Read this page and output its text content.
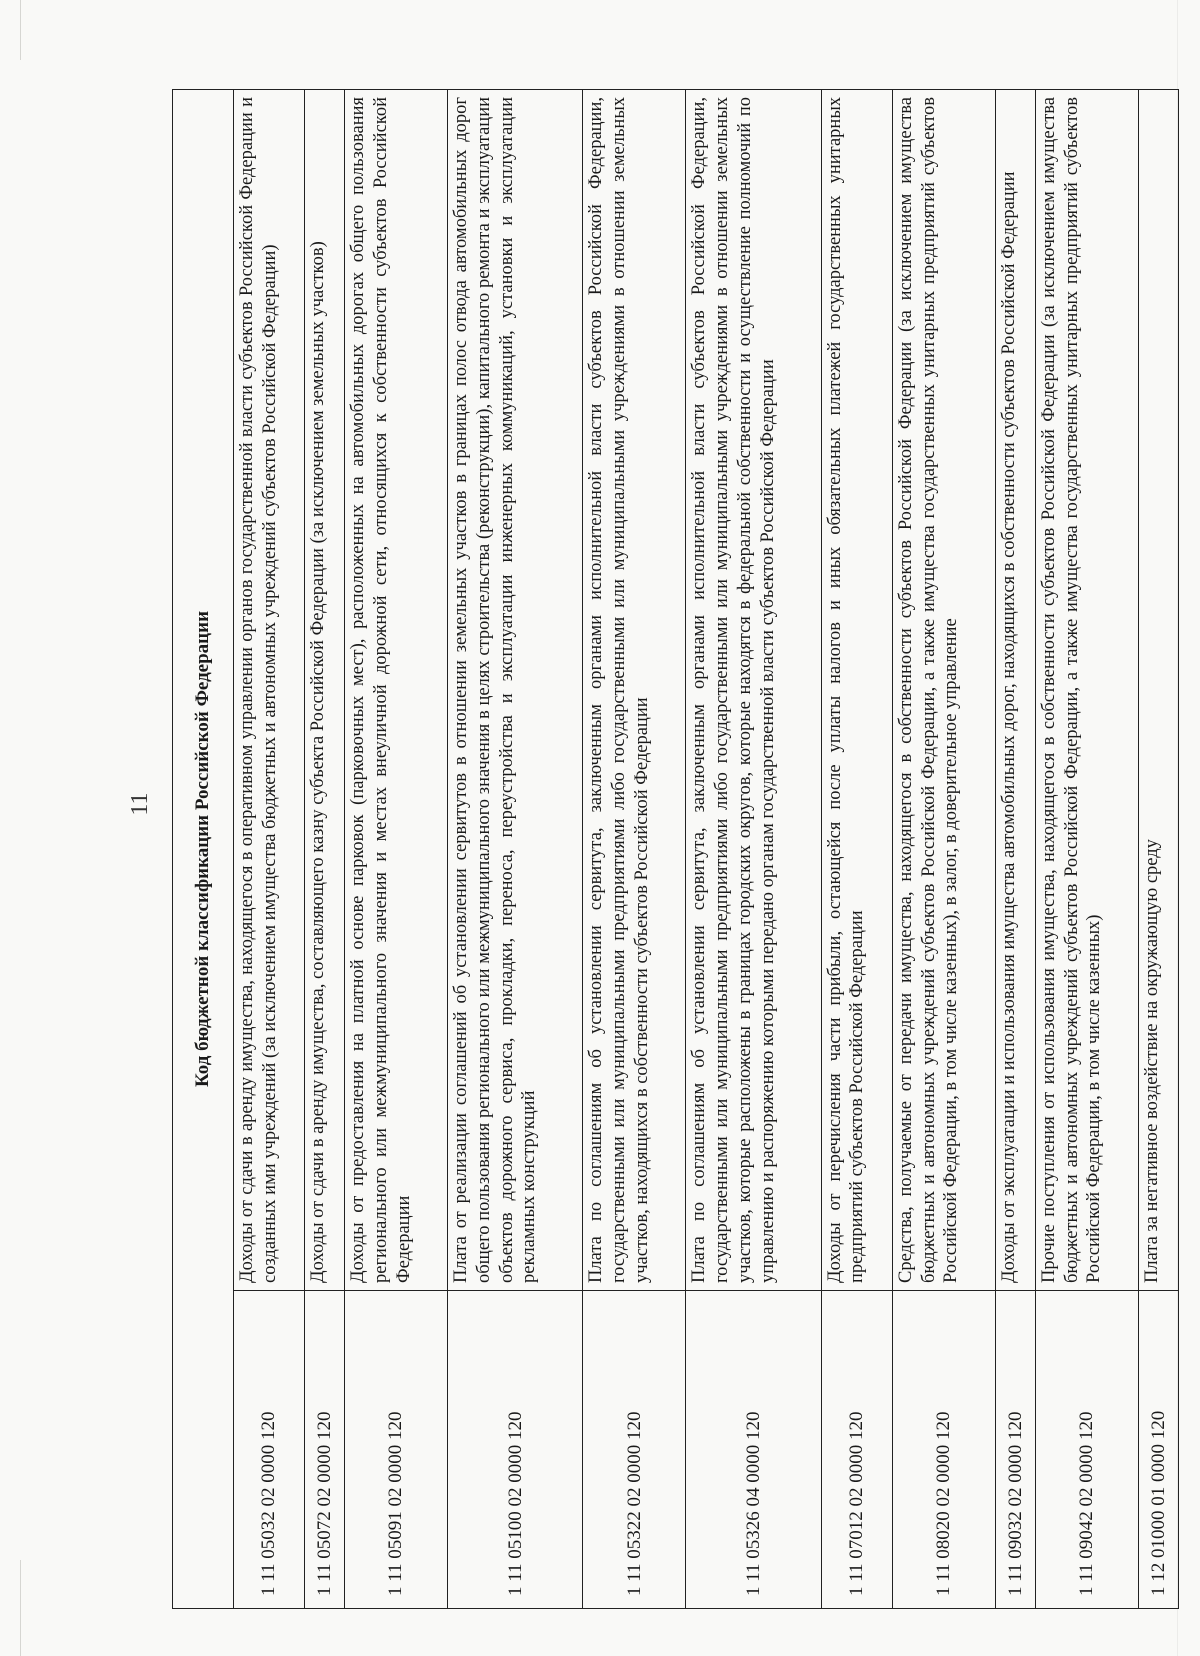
11 Код бюджетной классификации Российской Федерации	
1 11 05032 02 0000 120	Доходы от сдачи в аренду имущества, находящегося в оперативном управлении органов государственной власти субъектов Российской Федерации и созданных ими учреждений (за исключением имущества бюджетных и автономных учреждений субъектов Российской Федерации)
1 11 05072 02 0000 120	Доходы от сдачи в аренду имущества, составляющего казну субъекта Российской Федерации (за исключением земельных участков)
1 11 05091 02 0000 120	Доходы от предоставления на платной основе парковок (парковочных мест), расположенных на автомобильных дорогах общего пользования регионального или межмуниципального значения и местах внеуличной дорожной сети, относящихся к собственности субъектов Российской Федерации
1 11 05100 02 0000 120	Плата от реализации соглашений об установлении сервитутов в отношении земельных участков в границах полос отвода автомобильных дорог общего пользования регионального или межмуниципального значения в целях строительства (реконструкции), капитального ремонта и эксплуатации объектов дорожного сервиса, прокладки, переноса, переустройства и эксплуатации инженерных коммуникаций, установки и эксплуатации рекламных конструкций
1 11 05322 02 0000 120	Плата по соглашениям об установлении сервитута, заключенным органами исполнительной власти субъектов Российской Федерации, государственными или муниципальными предприятиями либо государственными или муниципальными учреждениями в отношении земельных участков, находящихся в собственности субъектов Российской Федерации
1 11 05326 04 0000 120	Плата по соглашениям об установлении сервитута, заключенным органами исполнительной власти субъектов Российской Федерации, государственными или муниципальными предприятиями либо государственными или муниципальными учреждениями в отношении земельных участков, которые расположены в границах городских округов, которые находятся в федеральной собственности и осуществление полномочий по управлению и распоряжению которыми передано органам государственной власти субъектов Российской Федерации
1 11 07012 02 0000 120	Доходы от перечисления части прибыли, остающейся после уплаты налогов и иных обязательных платежей государственных унитарных предприятий субъектов Российской Федерации
1 11 08020 02 0000 120	Средства, получаемые от передачи имущества, находящегося в собственности субъектов Российской Федерации (за исключением имущества бюджетных и автономных учреждений субъектов Российской Федерации, а также имущества государственных унитарных предприятий субъектов Российской Федерации, в том числе казенных), в залог, в доверительное управление
1 11 09032 02 0000 120	Доходы от эксплуатации и использования имущества автомобильных дорог, находящихся в собственности субъектов Российской Федерации
1 11 09042 02 0000 120	Прочие поступления от использования имущества, находящегося в собственности субъектов Российской Федерации (за исключением имущества бюджетных и автономных учреждений субъектов Российской Федерации, а также имущества государственных унитарных предприятий субъектов Российской Федерации, в том числе казенных)
1 12 01000 01 0000 120	Плата за негативное воздействие на окружающую среду
